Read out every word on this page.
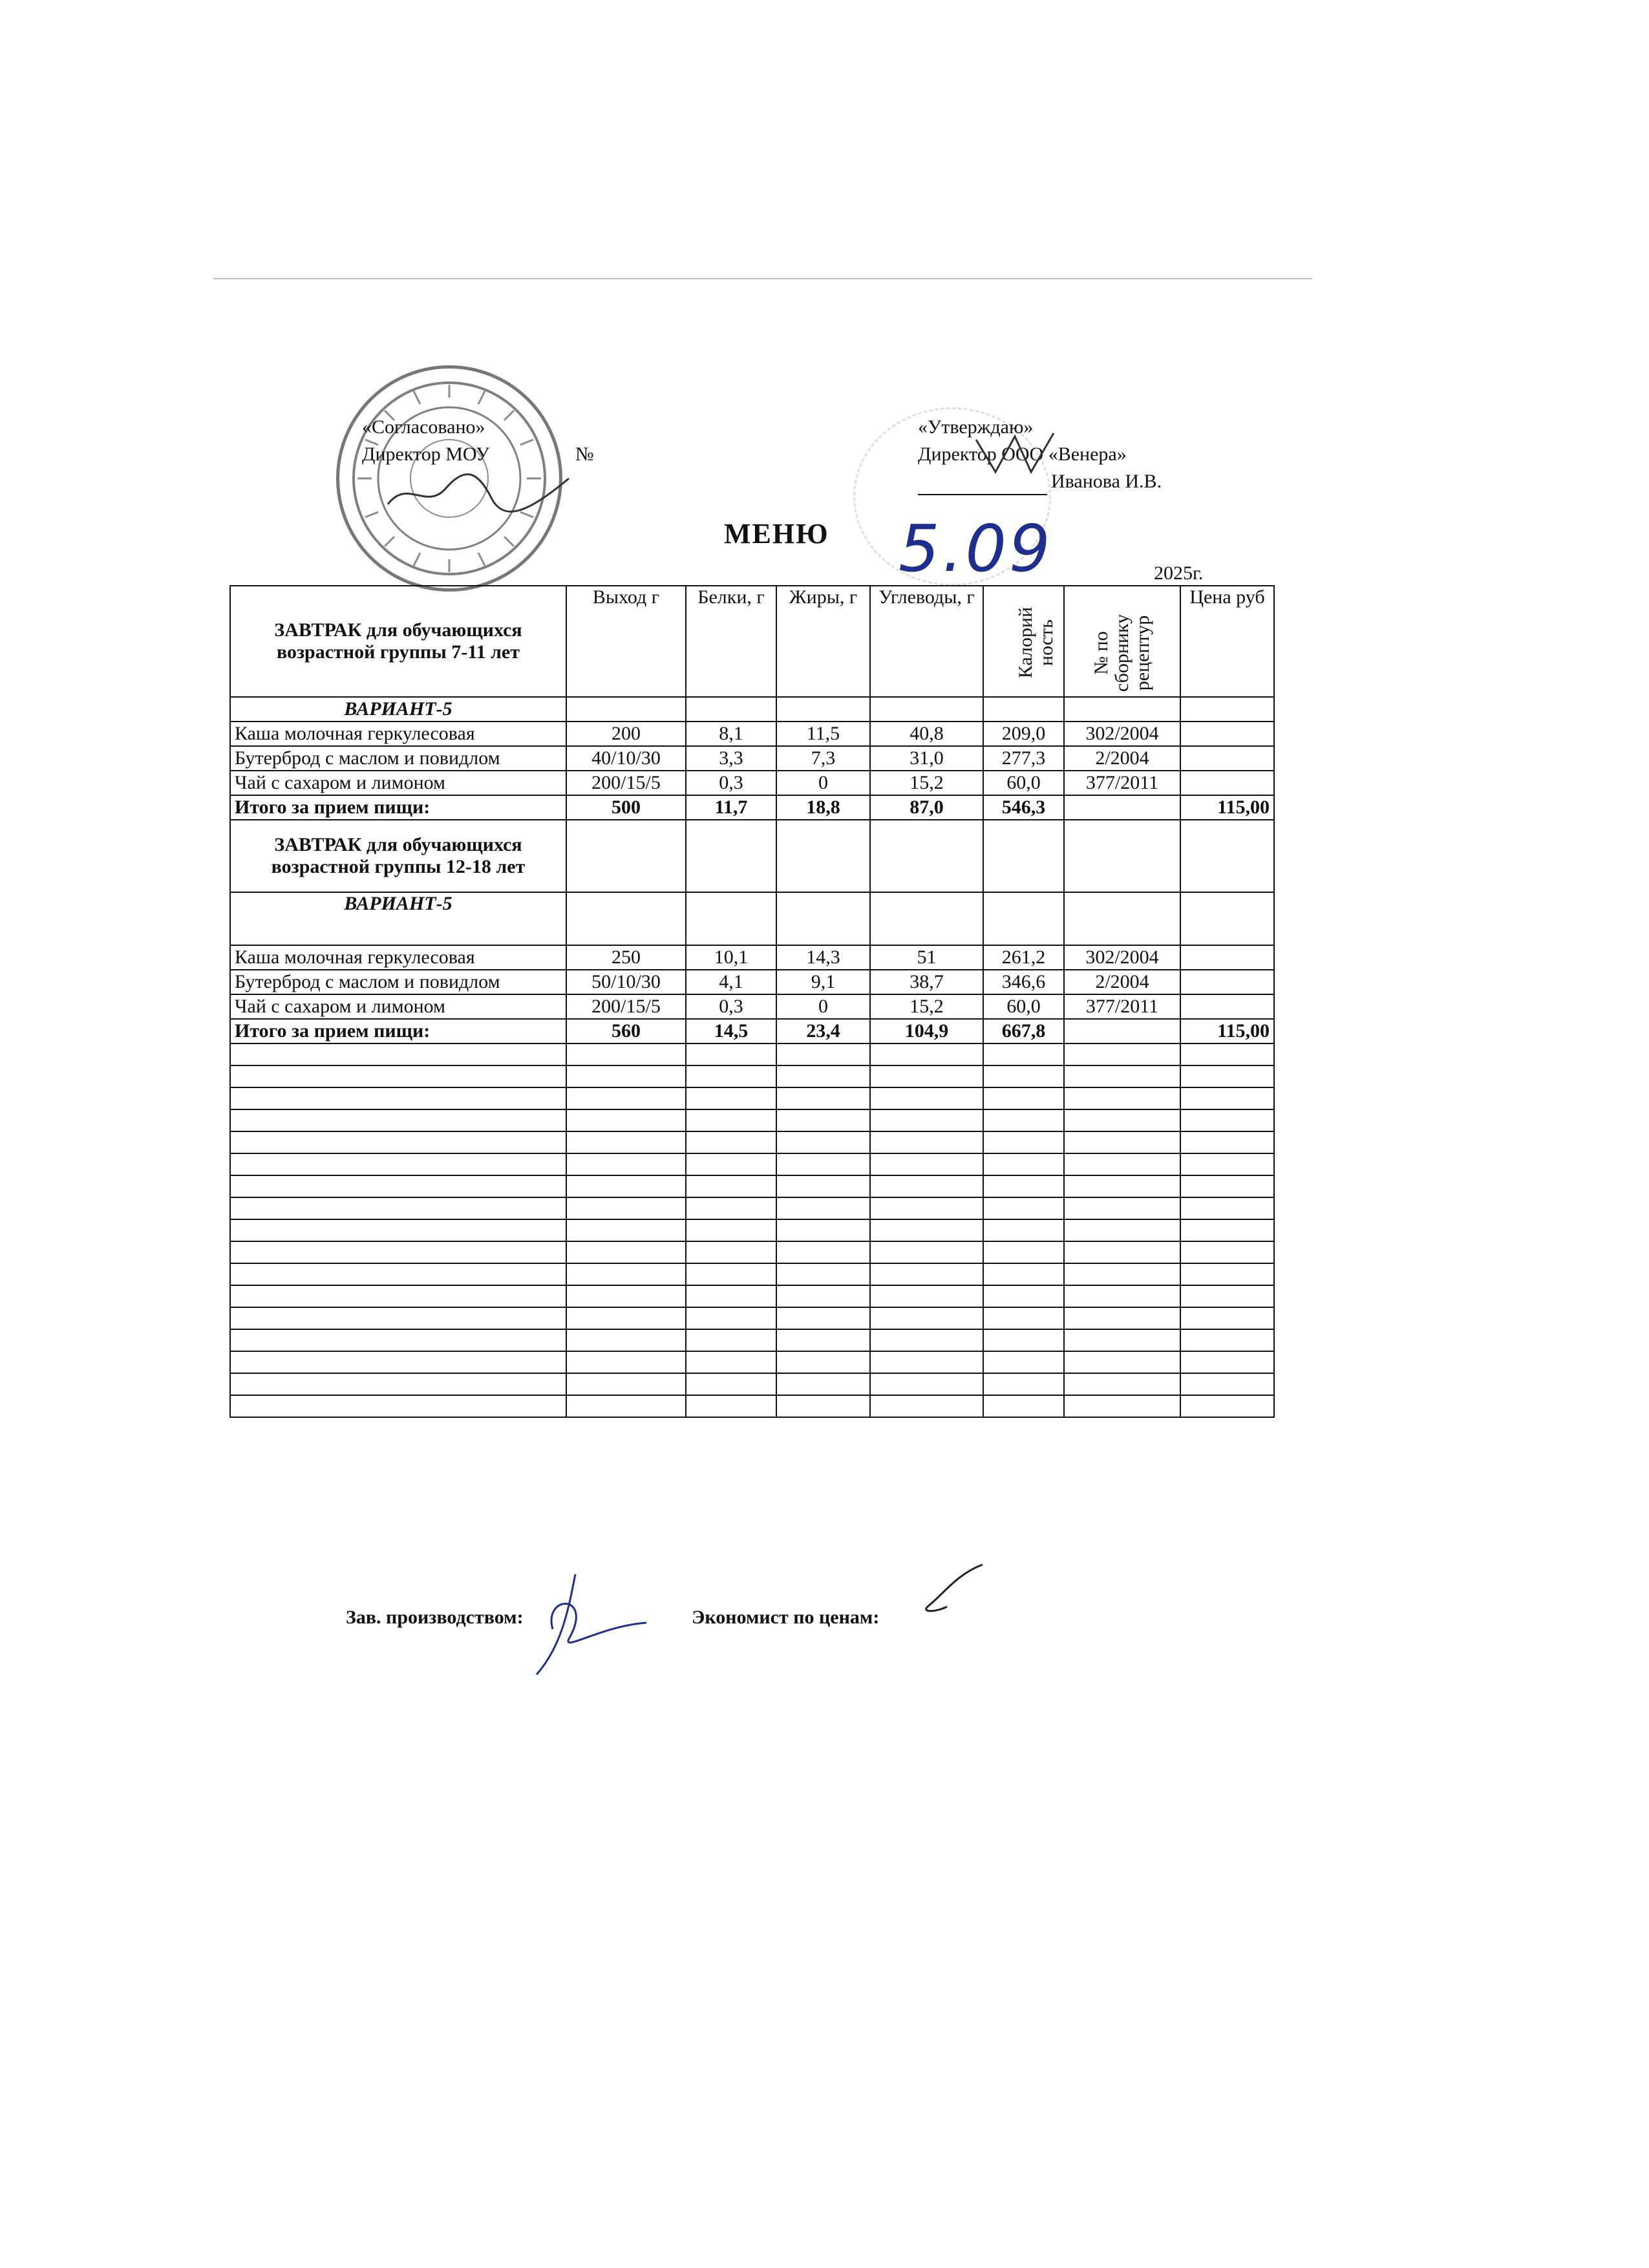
«Согласовано»
Директор МОУ	№
«Утверждаю»
Директор ООО «Венера»
Иванова И.В.
МЕНЮ 5.09	2025г.
ЗАВТРАК для обучающихся возрастной группы 7-11 лет	Выход г	Белки, г	Жиры, г	Углеводы, г	Калорий ность	№ по сборнику рецептур	Цена руб
ВАРИАНТ-5							
Каша молочная геркулесовая	200	8,1	11,5	40,8	209,0	302/2004	
Бутерброд с маслом и повидлом	40/10/30	3,3	7,3	31,0	277,3	2/2004	
Чай с сахаром и лимоном	200/15/5	0,3	0	15,2	60,0	377/2011	
Итого за прием пищи:	500	11,7	18,8	87,0	546,3		115,00
ЗАВТРАК для обучающихся возрастной группы 12-18 лет							
ВАРИАНТ-5							
Каша молочная геркулесовая	250	10,1	14,3	51	261,2	302/2004	
Бутерброд с маслом и повидлом	50/10/30	4,1	9,1	38,7	346,6	2/2004	
Чай с сахаром и лимоном	200/15/5	0,3	0	15,2	60,0	377/2011	
Итого за прием пищи:	560	14,5	23,4	104,9	667,8		115,00

Зав. производством:	Экономист по ценам:
